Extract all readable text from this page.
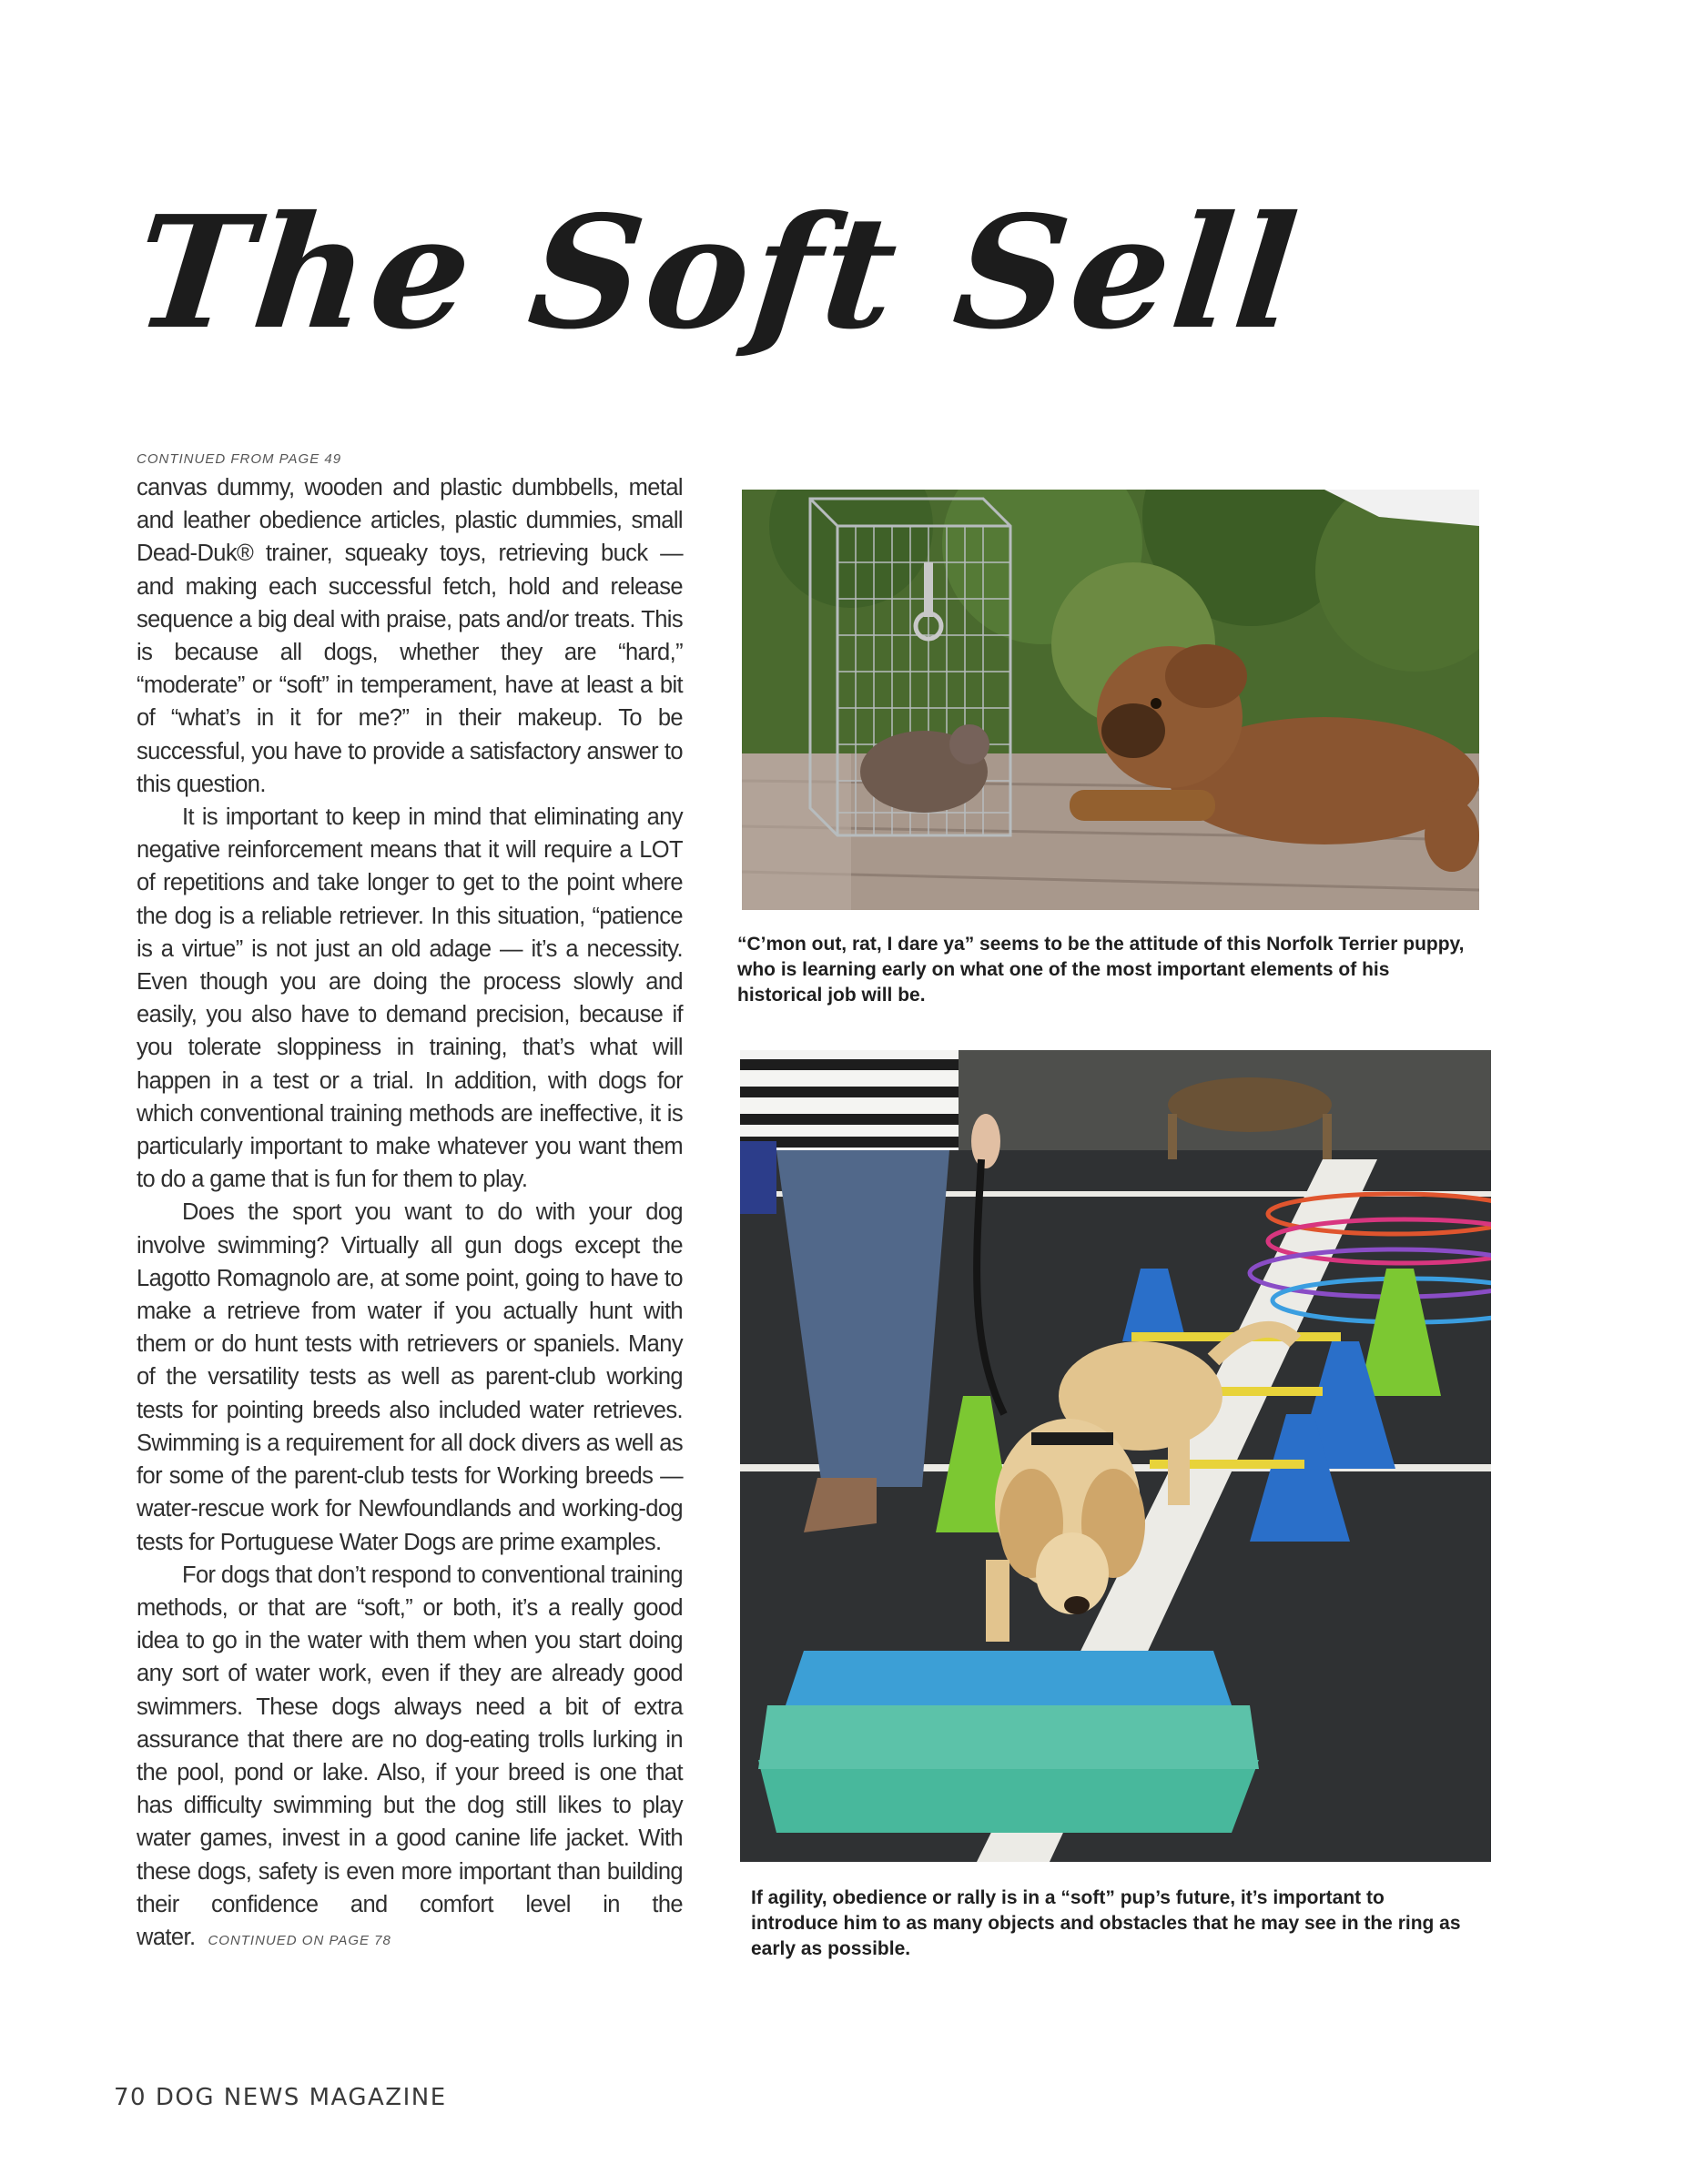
The Soft Sell
CONTINUED FROM PAGE 49

canvas dummy, wooden and plastic dumbbells, metal and leather obedience articles, plastic dummies, small Dead-Duk® trainer, squeaky toys, retrieving buck — and making each successful fetch, hold and release sequence a big deal with praise, pats and/or treats. This is because all dogs, whether they are “hard,” “moderate” or “soft” in temperament, have at least a bit of “what’s in it for me?” in their makeup. To be successful, you have to provide a satisfactory answer to this question.

It is important to keep in mind that eliminating any negative reinforcement means that it will require a LOT of repetitions and take longer to get to the point where the dog is a reliable retriever. In this situation, “patience is a virtue” is not just an old adage — it’s a necessity. Even though you are doing the process slowly and easily, you also have to demand precision, because if you tolerate sloppiness in training, that’s what will happen in a test or a trial. In addition, with dogs for which conventional training methods are ineffective, it is particularly important to make whatever you want them to do a game that is fun for them to play.

Does the sport you want to do with your dog involve swimming? Virtually all gun dogs except the Lagotto Romagnolo are, at some point, going to have to make a retrieve from water if you actually hunt with them or do hunt tests with retrievers or spaniels. Many of the versatility tests as well as parent-club working tests for pointing breeds also included water retrieves. Swimming is a requirement for all dock divers as well as for some of the parent-club tests for Working breeds — water-rescue work for Newfoundlands and working-dog tests for Portuguese Water Dogs are prime examples.

For dogs that don’t respond to conventional training methods, or that are “soft,” or both, it’s a really good idea to go in the water with them when you start doing any sort of water work, even if they are already good swimmers. These dogs always need a bit of extra assurance that there are no dog-eating trolls lurking in the pool, pond or lake. Also, if your breed is one that has difficulty swimming but the dog still likes to play water games, invest in a good canine life jacket. With these dogs, safety is even more important than building their confidence and comfort level in the water. CONTINUED ON PAGE 78

“C’mon out, rat, I dare ya” seems to be the attitude of this Norfolk Terrier puppy, who is learning early on what one of the most important elements of his historical job will be.

If agility, obedience or rally is in a “soft” pup’s future, it’s important to introduce him to as many objects and obstacles that he may see in the ring as early as possible.

70 DOG NEWS MAGAZINE
